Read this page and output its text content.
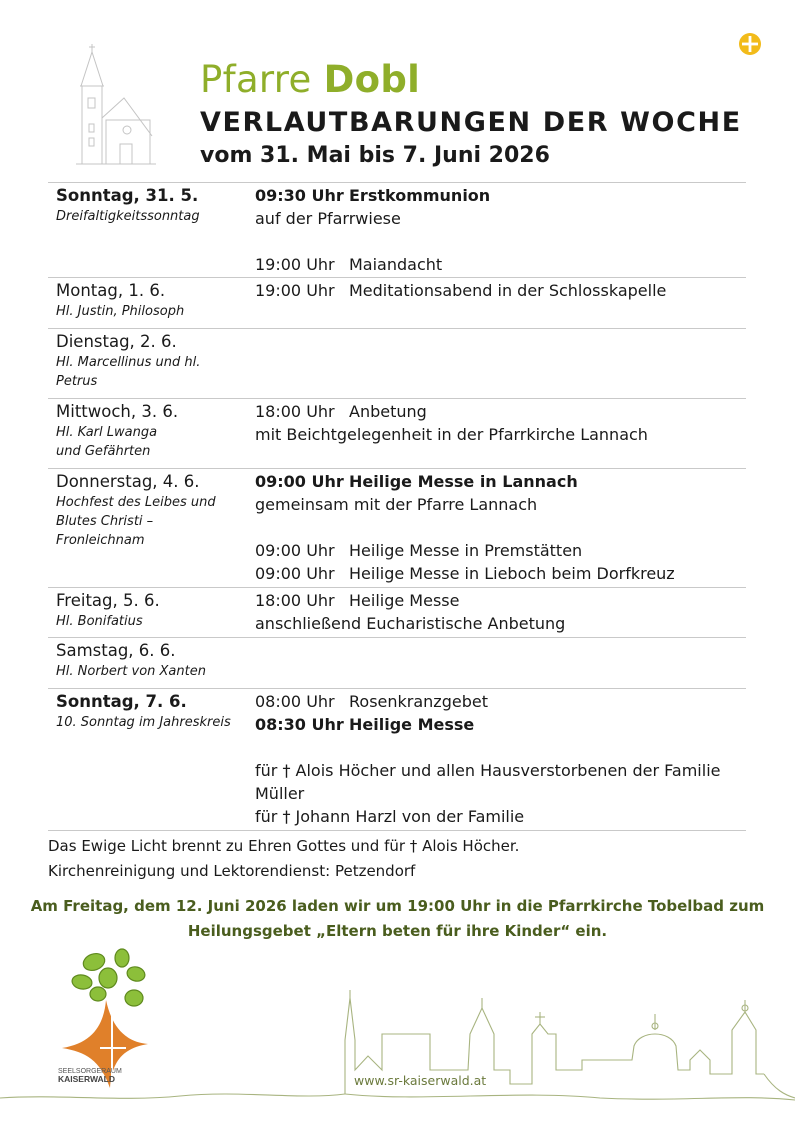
Pfarre Dobl
VERLAUTBARUNGEN DER WOCHE
vom 31. Mai bis 7. Juni 2026
Sonntag, 31. 5.
Dreifaltigkeitssonntag
09:30 Uhr Erstkommunion
auf der Pfarrwiese
19:00 Uhr Maiandacht
Montag, 1. 6.
Hl. Justin, Philosoph
19:00 Uhr Meditationsabend in der Schlosskapelle
Dienstag, 2. 6.
Hl. Marcellinus und hl.
Petrus
Mittwoch, 3. 6.
Hl. Karl Lwanga
und Gefährten
18:00 Uhr Anbetung
mit Beichtgelegenheit in der Pfarrkirche Lannach
Donnerstag, 4. 6.
Hochfest des Leibes und
Blutes Christi –
Fronleichnam
09:00 Uhr Heilige Messe in Lannach
gemeinsam mit der Pfarre Lannach
09:00 Uhr Heilige Messe in Premstätten
09:00 Uhr Heilige Messe in Lieboch beim Dorfkreuz
Freitag, 5. 6.
Hl. Bonifatius
18:00 Uhr Heilige Messe
anschließend Eucharistische Anbetung
Samstag, 6. 6.
Hl. Norbert von Xanten
Sonntag, 7. 6.
10. Sonntag im Jahreskreis
08:00 Uhr Rosenkranzgebet
08:30 Uhr Heilige Messe
für † Alois Höcher und allen Hausverstorbenen der Familie
Müller
für † Johann Harzl von der Familie
Das Ewige Licht brennt zu Ehren Gottes und für † Alois Höcher.
Kirchenreinigung und Lektorendienst: Petzendorf
Am Freitag, dem 12. Juni 2026 laden wir um 19:00 Uhr in die Pfarrkirche Tobelbad zum
Heilungsgebet „Eltern beten für ihre Kinder“ ein.
SEELSORGERAUM
KAISERWALD	www.sr-kaiserwald.at
